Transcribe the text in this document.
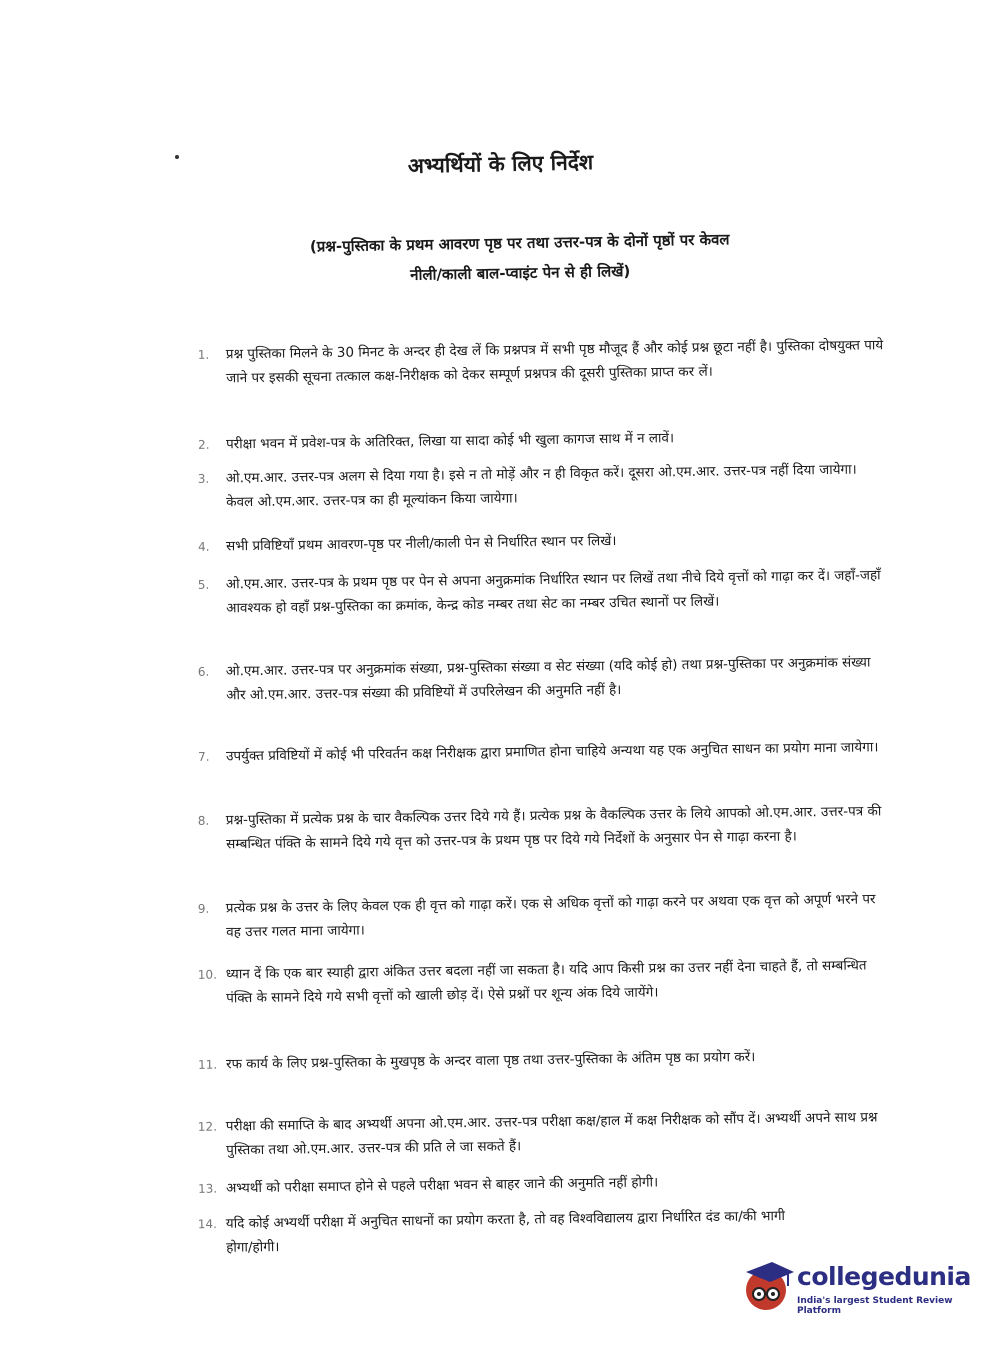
अभ्यर्थियों के लिए निर्देश
(प्रश्न-पुस्तिका के प्रथम आवरण पृष्ठ पर तथा उत्तर-पत्र के दोनों पृष्ठों पर केवल
नीली/काली बाल-प्वाइंट पेन से ही लिखें)
1.	प्रश्न पुस्तिका मिलने के 30 मिनट के अन्दर ही देख लें कि प्रश्नपत्र में सभी पृष्ठ मौजूद हैं और कोई प्रश्न छूटा नहीं है। पुस्तिका दोषयुक्त पाये जाने पर इसकी सूचना तत्काल कक्ष-निरीक्षक को देकर सम्पूर्ण प्रश्नपत्र की दूसरी पुस्तिका प्राप्त कर लें।
2.	परीक्षा भवन में प्रवेश-पत्र के अतिरिक्त, लिखा या सादा कोई भी खुला कागज साथ में न लावें।
3.	ओ.एम.आर. उत्तर-पत्र अलग से दिया गया है। इसे न तो मोड़ें और न ही विकृत करें। दूसरा ओ.एम.आर. उत्तर-पत्र नहीं दिया जायेगा। केवल ओ.एम.आर. उत्तर-पत्र का ही मूल्यांकन किया जायेगा।
4.	सभी प्रविष्टियाँ प्रथम आवरण-पृष्ठ पर नीली/काली पेन से निर्धारित स्थान पर लिखें।
5.	ओ.एम.आर. उत्तर-पत्र के प्रथम पृष्ठ पर पेन से अपना अनुक्रमांक निर्धारित स्थान पर लिखें तथा नीचे दिये वृत्तों को गाढ़ा कर दें। जहाँ-जहाँ आवश्यक हो वहाँ प्रश्न-पुस्तिका का क्रमांक, केन्द्र कोड नम्बर तथा सेट का नम्बर उचित स्थानों पर लिखें।
6.	ओ.एम.आर. उत्तर-पत्र पर अनुक्रमांक संख्या, प्रश्न-पुस्तिका संख्या व सेट संख्या (यदि कोई हो) तथा प्रश्न-पुस्तिका पर अनुक्रमांक संख्या और ओ.एम.आर. उत्तर-पत्र संख्या की प्रविष्टियों में उपरिलेखन की अनुमति नहीं है।
7.	उपर्युक्त प्रविष्टियों में कोई भी परिवर्तन कक्ष निरीक्षक द्वारा प्रमाणित होना चाहिये अन्यथा यह एक अनुचित साधन का प्रयोग माना जायेगा।
8.	प्रश्न-पुस्तिका में प्रत्येक प्रश्न के चार वैकल्पिक उत्तर दिये गये हैं। प्रत्येक प्रश्न के वैकल्पिक उत्तर के लिये आपको ओ.एम.आर. उत्तर-पत्र की सम्बन्धित पंक्ति के सामने दिये गये वृत्त को उत्तर-पत्र के प्रथम पृष्ठ पर दिये गये निर्देशों के अनुसार पेन से गाढ़ा करना है।
9.	प्रत्येक प्रश्न के उत्तर के लिए केवल एक ही वृत्त को गाढ़ा करें। एक से अधिक वृत्तों को गाढ़ा करने पर अथवा एक वृत्त को अपूर्ण भरने पर वह उत्तर गलत माना जायेगा।
10. ध्यान दें कि एक बार स्याही द्वारा अंकित उत्तर बदला नहीं जा सकता है। यदि आप किसी प्रश्न का उत्तर नहीं देना चाहते हैं, तो सम्बन्धित पंक्ति के सामने दिये गये सभी वृत्तों को खाली छोड़ दें। ऐसे प्रश्नों पर शून्य अंक दिये जायेंगे।
11. रफ कार्य के लिए प्रश्न-पुस्तिका के मुखपृष्ठ के अन्दर वाला पृष्ठ तथा उत्तर-पुस्तिका के अंतिम पृष्ठ का प्रयोग करें।
12. परीक्षा की समाप्ति के बाद अभ्यर्थी अपना ओ.एम.आर. उत्तर-पत्र परीक्षा कक्ष/हाल में कक्ष निरीक्षक को सौंप दें। अभ्यर्थी अपने साथ प्रश्न पुस्तिका तथा ओ.एम.आर. उत्तर-पत्र की प्रति ले जा सकते हैं।
13. अभ्यर्थी को परीक्षा समाप्त होने से पहले परीक्षा भवन से बाहर जाने की अनुमति नहीं होगी।
14. यदि कोई अभ्यर्थी परीक्षा में अनुचित साधनों का प्रयोग करता है, तो वह विश्वविद्यालय द्वारा निर्धारित दंड का/की भागी होगा/होगी।
collegedunia
India's largest Student Review Platform
